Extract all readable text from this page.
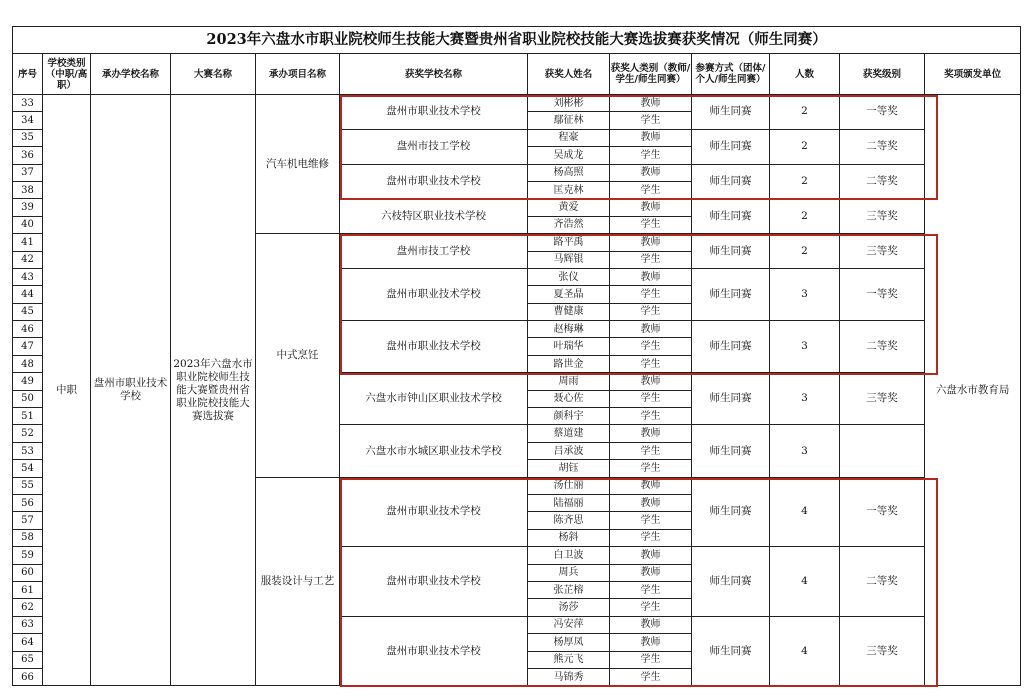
2023年六盘水市职业院校师生技能大赛暨贵州省职业院校技能大赛选拔赛获奖情况（师生同赛）											
序号	学校类别（中职/高职）	承办学校名称	大赛名称	承办项目名称	获奖学校名称	获奖人姓名	获奖人类别（教师/学生/师生同赛）	参赛方式（团体/个人/师生同赛）	人数	获奖级别	奖项颁发单位
33	中职	盘州市职业技术学校	2023年六盘水市职业院校师生技能大赛暨贵州省职业院校技能大赛选拔赛	汽车机电维修	盘州市职业技术学校	刘彬彬	教师	师生同赛	2	一等奖	六盘水市教育局
34						鄢征林	学生				
35					盘州市技工学校	程豪	教师	师生同赛	2	二等奖	
36						吴成龙	学生				
37					盘州市职业技术学校	杨高照	教师	师生同赛	2	二等奖	
38						匡克林	学生				
39					六枝特区职业技术学校	黄爱	教师	师生同赛	2	三等奖	
40						齐浩然	学生				
41				中式烹饪	盘州市技工学校	路平禹	教师	师生同赛	2	三等奖	
42						马辉银	学生				
43					盘州市职业技术学校	张仪	教师	师生同赛	3	一等奖	
44						夏圣晶	学生				
45						曹健康	学生				
46					盘州市职业技术学校	赵梅琳	教师	师生同赛	3	二等奖	
47						叶瑞华	学生				
48						路世金	学生				
49					六盘水市钟山区职业技术学校	周雨	教师	师生同赛	3	三等奖	
50						聂心佐	学生				
51						颜科宇	学生				
52					六盘水市水城区职业技术学校	蔡道建	教师	师生同赛	3		
53						吕承波	学生				
54						胡钰	学生				
55				服装设计与工艺	盘州市职业技术学校	汤仕丽	教师	师生同赛	4	一等奖	
56						陆福丽	教师				
57						陈齐思	学生				
58						杨斜	学生				
59					盘州市职业技术学校	白卫波	教师	师生同赛	4	二等奖	
60						周兵	教师				
61						张芷榕	学生				
62						汤莎	学生				
63					盘州市职业技术学校	冯安萍	教师	师生同赛	4	三等奖	
64						杨厚凤	教师				
65						熊元飞	学生				
66						马锦秀	学生				
